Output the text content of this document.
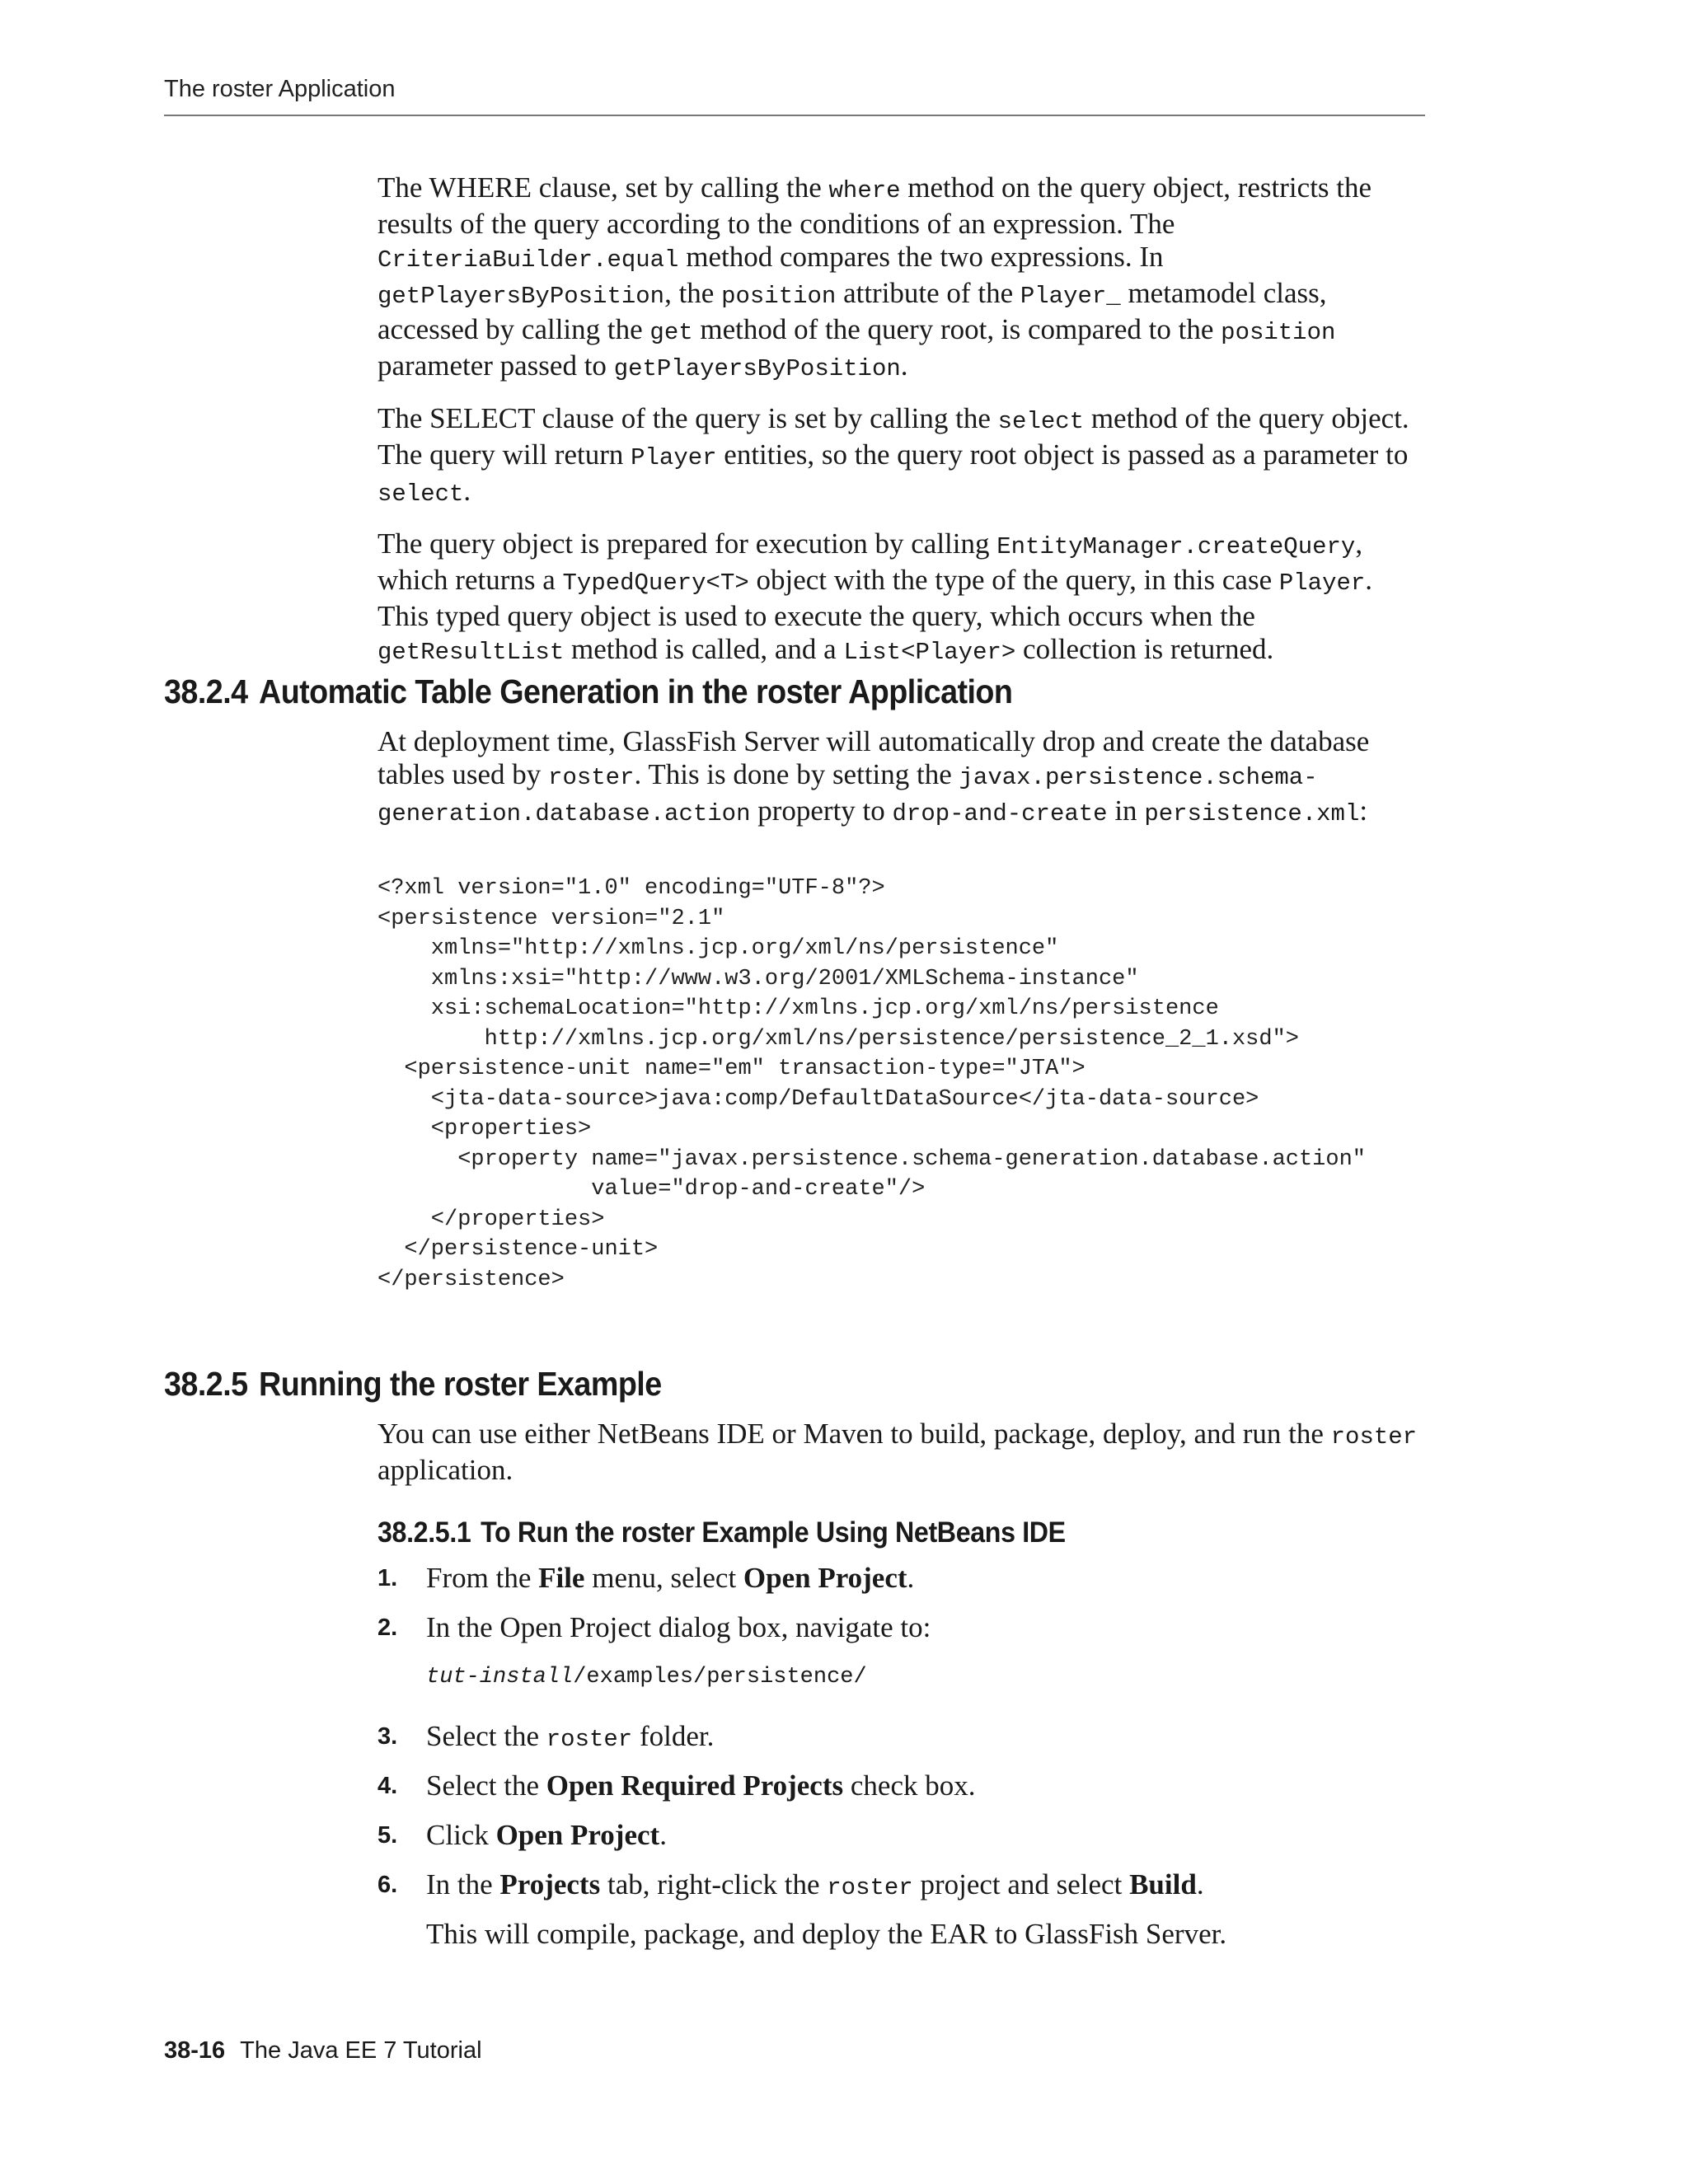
The roster Application

The WHERE clause, set by calling the where method on the query object, restricts the results of the query according to the conditions of an expression. The CriteriaBuilder.equal method compares the two expressions. In getPlayersByPosition, the position attribute of the Player_ metamodel class, accessed by calling the get method of the query root, is compared to the position parameter passed to getPlayersByPosition.

The SELECT clause of the query is set by calling the select method of the query object. The query will return Player entities, so the query root object is passed as a parameter to select.

The query object is prepared for execution by calling EntityManager.createQuery, which returns a TypedQuery<T> object with the type of the query, in this case Player. This typed query object is used to execute the query, which occurs when the getResultList method is called, and a List<Player> collection is returned.

38.2.4 Automatic Table Generation in the roster Application

At deployment time, GlassFish Server will automatically drop and create the database tables used by roster. This is done by setting the javax.persistence.schema-generation.database.action property to drop-and-create in persistence.xml:

<?xml version="1.0" encoding="UTF-8"?>
<persistence version="2.1"
xmlns="http://xmlns.jcp.org/xml/ns/persistence"
xmlns:xsi="http://www.w3.org/2001/XMLSchema-instance"
xsi:schemaLocation="http://xmlns.jcp.org/xml/ns/persistence
http://xmlns.jcp.org/xml/ns/persistence/persistence_2_1.xsd">
<persistence-unit name="em" transaction-type="JTA">
<jta-data-source>java:comp/DefaultDataSource</jta-data-source>
<properties>
<property name="javax.persistence.schema-generation.database.action"
value="drop-and-create"/>
</properties>
</persistence-unit>
</persistence>
38.2.5 Running the roster Example

You can use either NetBeans IDE or Maven to build, package, deploy, and run the roster application.

38.2.5.1 To Run the roster Example Using NetBeans IDE
1. From the File menu, select Open Project.
2. In the Open Project dialog box, navigate to:
tut-install/examples/persistence/
3. Select the roster folder.
4. Select the Open Required Projects check box.
5. Click Open Project.
6. In the Projects tab, right-click the roster project and select Build.
This will compile, package, and deploy the EAR to GlassFish Server.
38-16 The Java EE 7 Tutorial
